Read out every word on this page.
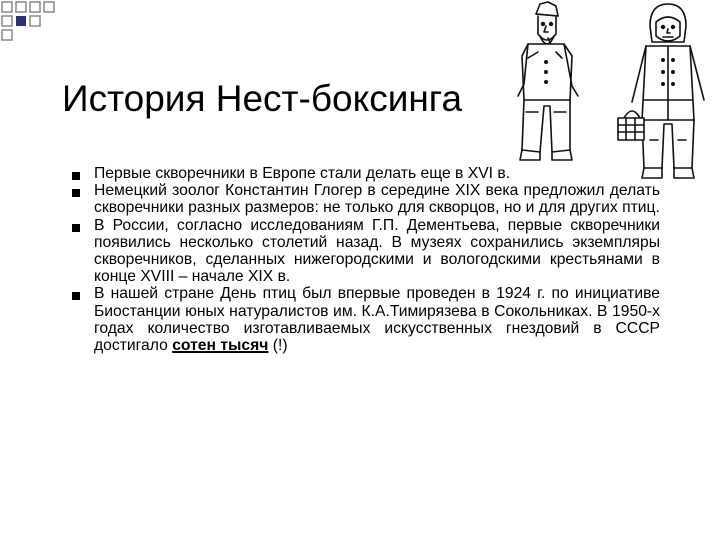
История Нест-боксинга
Первые скворечники в Европе стали делать еще в XVI в.
Немецкий зоолог Константин Глогер в середине XIX века предложил делать скворечники разных размеров: не только для скворцов, но и для других птиц.
В России, согласно исследованиям Г.П. Дементьева, первые скворечники появились несколько столетий назад. В музеях сохранились экземпляры скворечников, сделанных нижегородскими и вологодскими крестьянами в конце XVIII – начале XIX в.
В нашей стране День птиц был впервые проведен в 1924 г. по инициативе Биостанции юных натуралистов им. К.А.Тимирязева в Сокольниках. В 1950-х годах количество изготавливаемых искусственных гнездовий в СССР достигало сотен тысяч (!)
